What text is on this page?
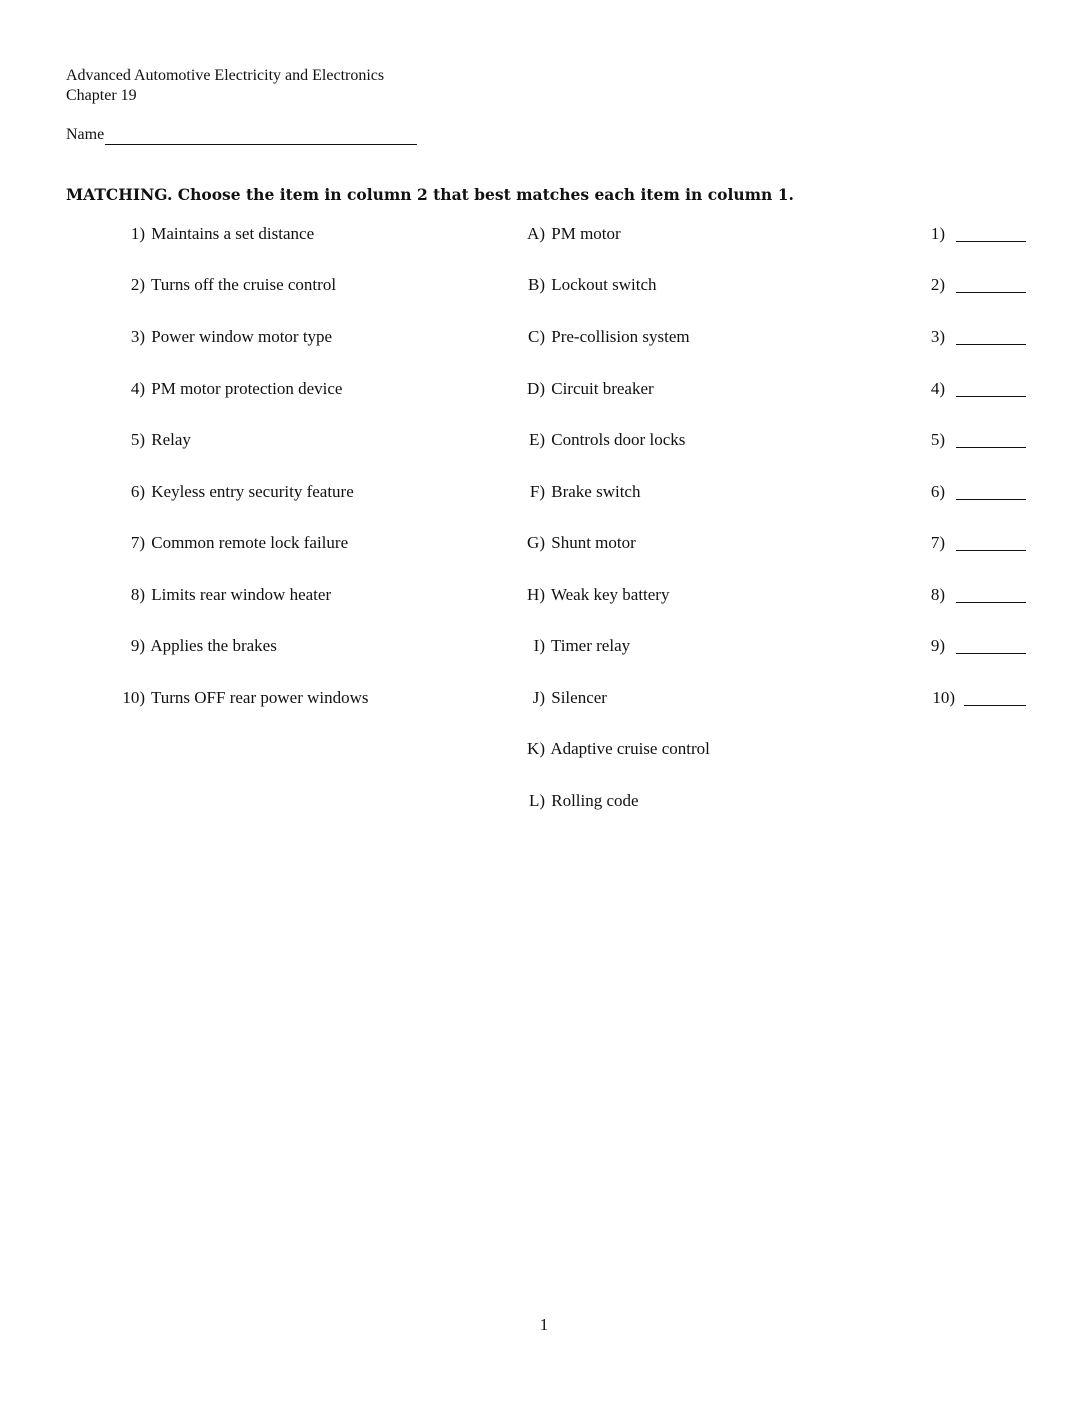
Advanced Automotive Electricity and Electronics
Chapter 19
Name
MATCHING. Choose the item in column 2 that best matches each item in column 1.
1) Maintains a set distance	A) PM motor	1)
2) Turns off the cruise control	B) Lockout switch	2)
3) Power window motor type	C) Pre-collision system	3)
4) PM motor protection device	D) Circuit breaker	4)
5) Relay	E) Controls door locks	5)
6) Keyless entry security feature	F) Brake switch	6)
7) Common remote lock failure	G) Shunt motor	7)
8) Limits rear window heater	H) Weak key battery	8)
9) Applies the brakes	I) Timer relay	9)
10) Turns OFF rear power windows	J) Silencer	10)
K) Adaptive cruise control
L) Rolling code
1
